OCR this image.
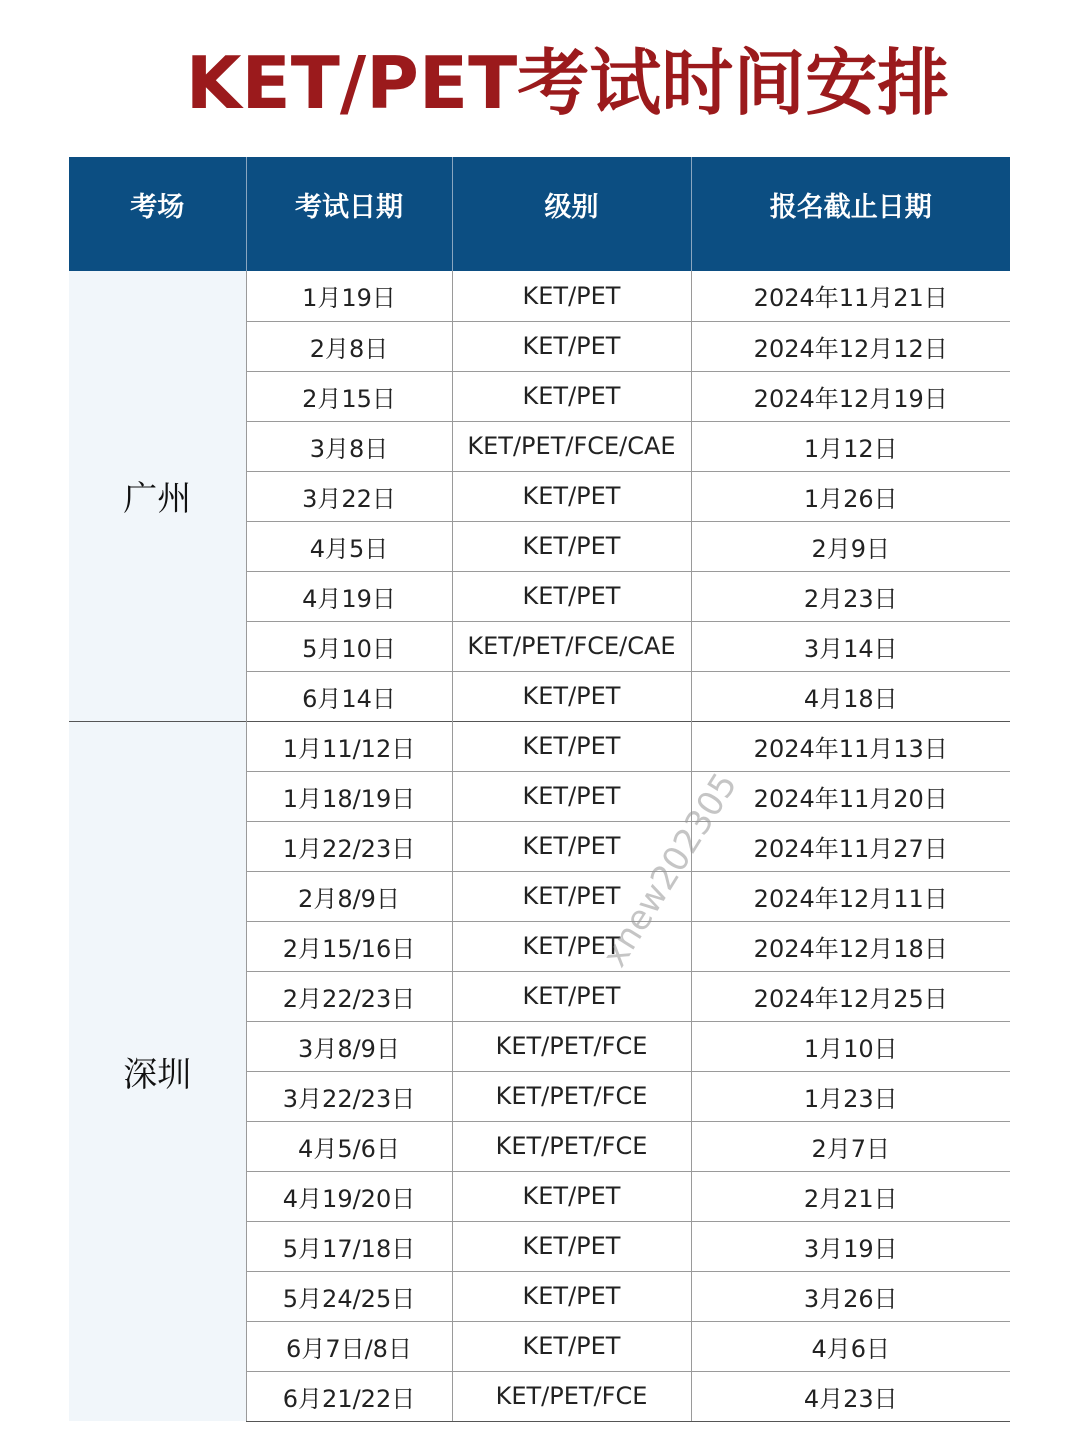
KET/PET考试时间安排
考场	考试日期	级别	报名截止日期
广州	1月19日	KET/PET	2024年11月21日
	2月8日	KET/PET	2024年12月12日
	2月15日	KET/PET	2024年12月19日
	3月8日	KET/PET/FCE/CAE	1月12日
	3月22日	KET/PET	1月26日
	4月5日	KET/PET	2月9日
	4月19日	KET/PET	2月23日
	5月10日	KET/PET/FCE/CAE	3月14日
	6月14日	KET/PET	4月18日
深圳	1月11/12日	KET/PET	2024年11月13日
	1月18/19日	KET/PET	2024年11月20日
	1月22/23日	KET/PET	2024年11月27日
	2月8/9日	KET/PET	2024年12月11日
	2月15/16日	KET/PET	2024年12月18日
	2月22/23日	KET/PET	2024年12月25日
	3月8/9日	KET/PET/FCE	1月10日
	3月22/23日	KET/PET/FCE	1月23日
	4月5/6日	KET/PET/FCE	2月7日
	4月19/20日	KET/PET	2月21日
	5月17/18日	KET/PET	3月19日
	5月24/25日	KET/PET	3月26日
	6月7日/8日	KET/PET	4月6日
	6月21/22日	KET/PET/FCE	4月23日
xnew202305
